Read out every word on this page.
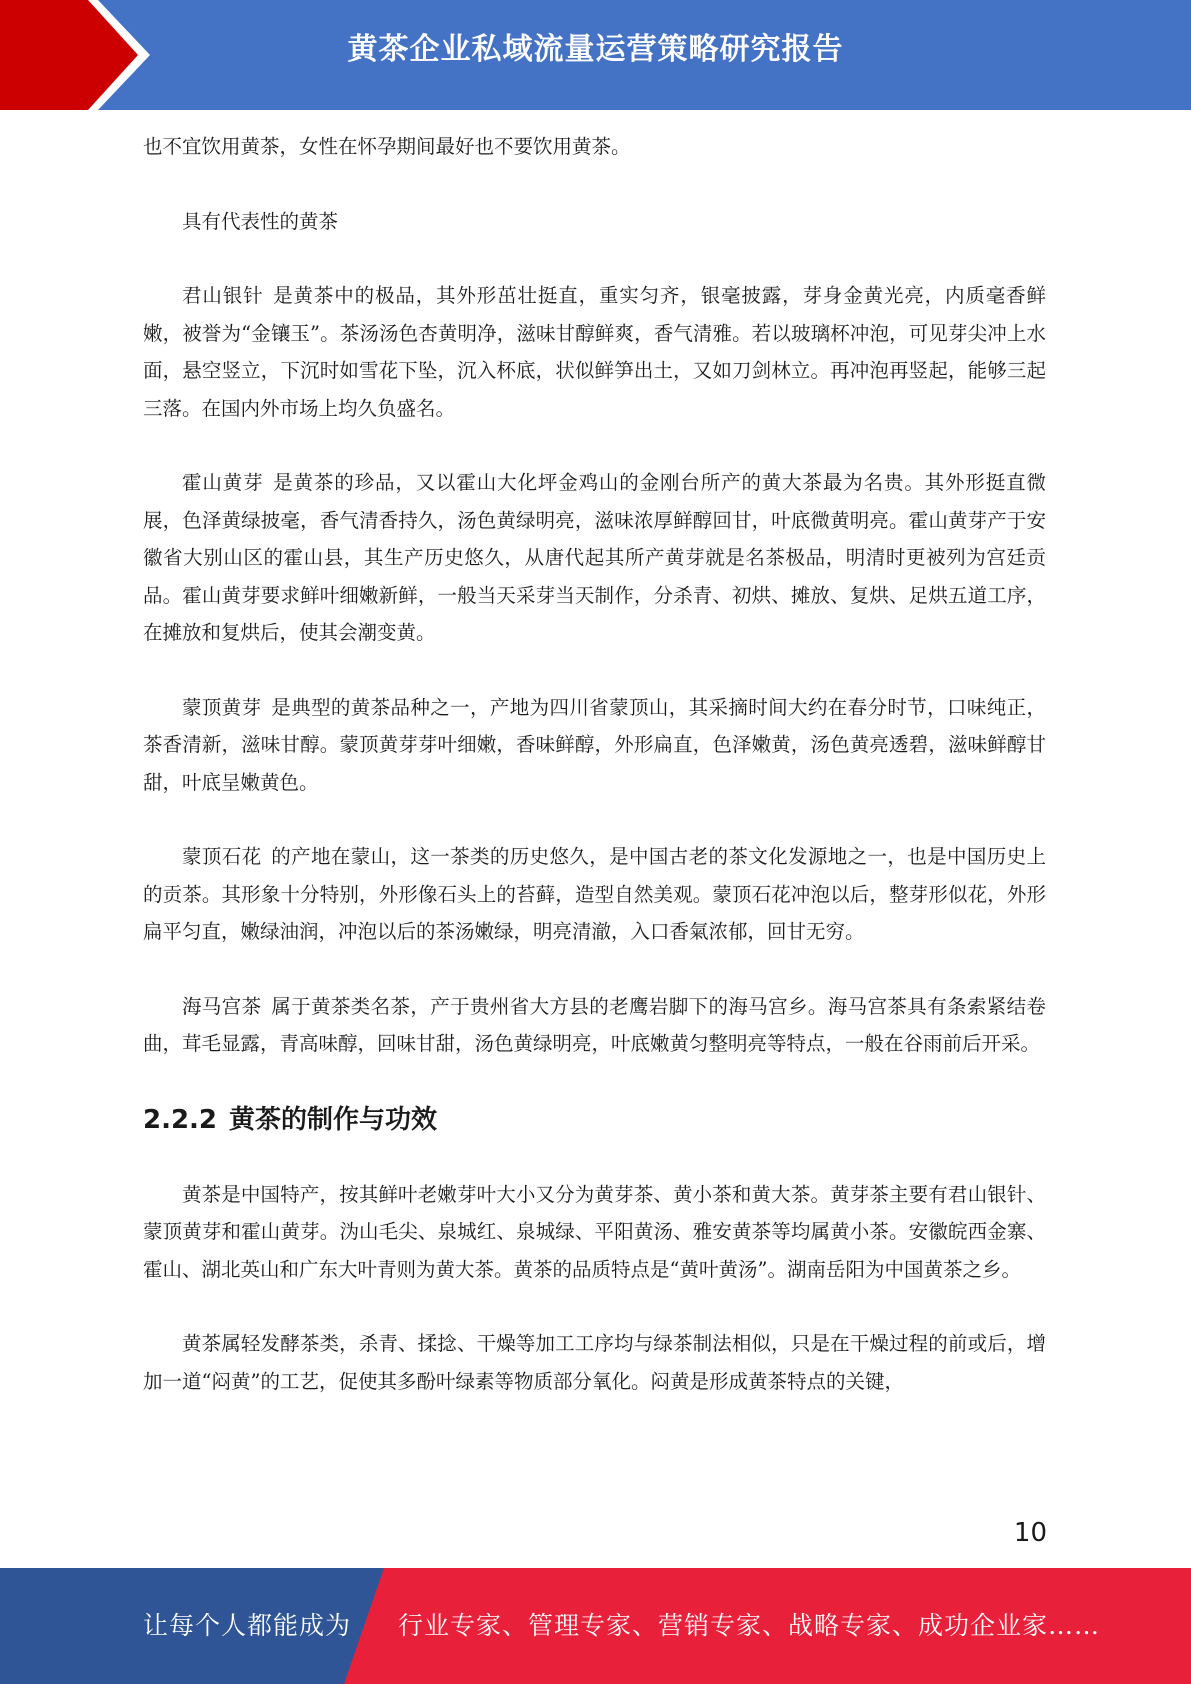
黄茶企业私域流量运营策略研究报告

也不宜饮用黄茶，女性在怀孕期间最好也不要饮用黄茶。

具有代表性的黄茶

君山银针 是黄茶中的极品，其外形茁壮挺直，重实匀齐，银毫披露，芽身金黄光亮，内质毫香鲜嫩，被誉为“金镶玉”。茶汤汤色杏黄明净，滋味甘醇鲜爽，香气清雅。若以玻璃杯冲泡，可见芽尖冲上水面，悬空竖立，下沉时如雪花下坠，沉入杯底，状似鲜笋出土，又如刀剑林立。再冲泡再竖起，能够三起三落。在国内外市场上均久负盛名。

霍山黄芽 是黄茶的珍品，又以霍山大化坪金鸡山的金刚台所产的黄大茶最为名贵。其外形挺直微展，色泽黄绿披毫，香气清香持久，汤色黄绿明亮，滋味浓厚鲜醇回甘，叶底微黄明亮。霍山黄芽产于安徽省大别山区的霍山县，其生产历史悠久，从唐代起其所产黄芽就是名茶极品，明清时更被列为宫廷贡品。霍山黄芽要求鲜叶细嫩新鲜，一般当天采芽当天制作，分杀青、初烘、摊放、复烘、足烘五道工序，在摊放和复烘后，使其会潮变黄。

蒙顶黄芽 是典型的黄茶品种之一，产地为四川省蒙顶山，其采摘时间大约在春分时节，口味纯正，茶香清新，滋味甘醇。蒙顶黄芽芽叶细嫩，香味鲜醇，外形扁直，色泽嫩黄，汤色黄亮透碧，滋味鲜醇甘甜，叶底呈嫩黄色。

蒙顶石花 的产地在蒙山，这一茶类的历史悠久，是中国古老的茶文化发源地之一，也是中国历史上的贡茶。其形象十分特别，外形像石头上的苔藓，造型自然美观。蒙顶石花冲泡以后，整芽形似花，外形扁平匀直，嫩绿油润，冲泡以后的茶汤嫩绿，明亮清澈，入口香氣浓郁，回甘无穷。

海马宫茶 属于黄茶类名茶，产于贵州省大方县的老鹰岩脚下的海马宫乡。海马宫茶具有条索紧结卷曲，茸毛显露，青高味醇，回味甘甜，汤色黄绿明亮，叶底嫩黄匀整明亮等特点，一般在谷雨前后开采。

2.2.2 黄茶的制作与功效

黄茶是中国特产，按其鲜叶老嫩芽叶大小又分为黄芽茶、黄小茶和黄大茶。黄芽茶主要有君山银针、蒙顶黄芽和霍山黄芽。沩山毛尖、泉城红、泉城绿、平阳黄汤、雅安黄茶等均属黄小茶。安徽皖西金寨、霍山、湖北英山和广东大叶青则为黄大茶。黄茶的品质特点是“黄叶黄汤”。湖南岳阳为中国黄茶之乡。

黄茶属轻发酵茶类，杀青、揉捻、干燥等加工工序均与绿茶制法相似，只是在干燥过程的前或后，增加一道“闷黄”的工艺，促使其多酚叶绿素等物质部分氧化。闷黄是形成黄茶特点的关键，

10
让每个人都能成为 行业专家、管理专家、营销专家、战略专家、成功企业家……
